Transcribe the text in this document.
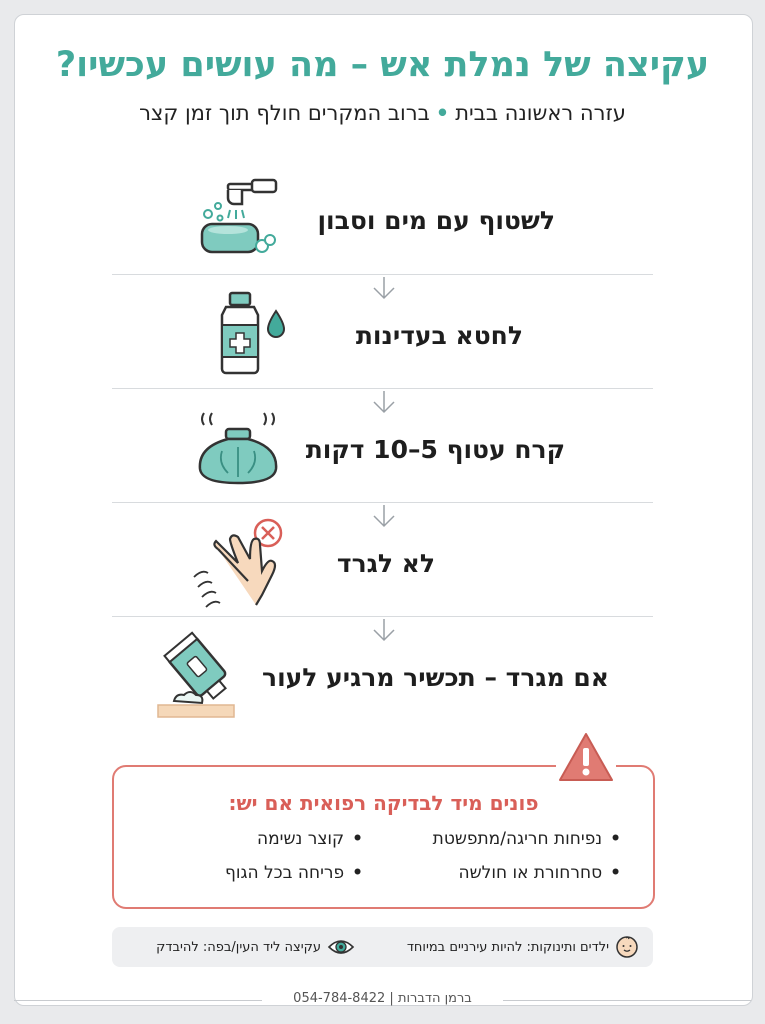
עקיצה של נמלת אש – מה עושים עכשיו?
עזרה ראשונה בבית•ברוב המקרים חולף תוך זמן קצר
לשטוף עם מים וסבון
לחטא בעדינות
קרח עטוף 5–10 דקות
לא לגרד
אם מגרד – תכשיר מרגיע לעור
פונים מיד לבדיקה רפואית אם יש:
•נפיחות חריגה/מתפשטת
•קוצר נשימה
•סחרחורת או חולשה
•פריחה בכל הגוף
ילדים ותינוקות: להיות עירניים במיוחד
עקיצה ליד העין/בפה: להיבדק
ברמן הדברות | 054-784-8422
